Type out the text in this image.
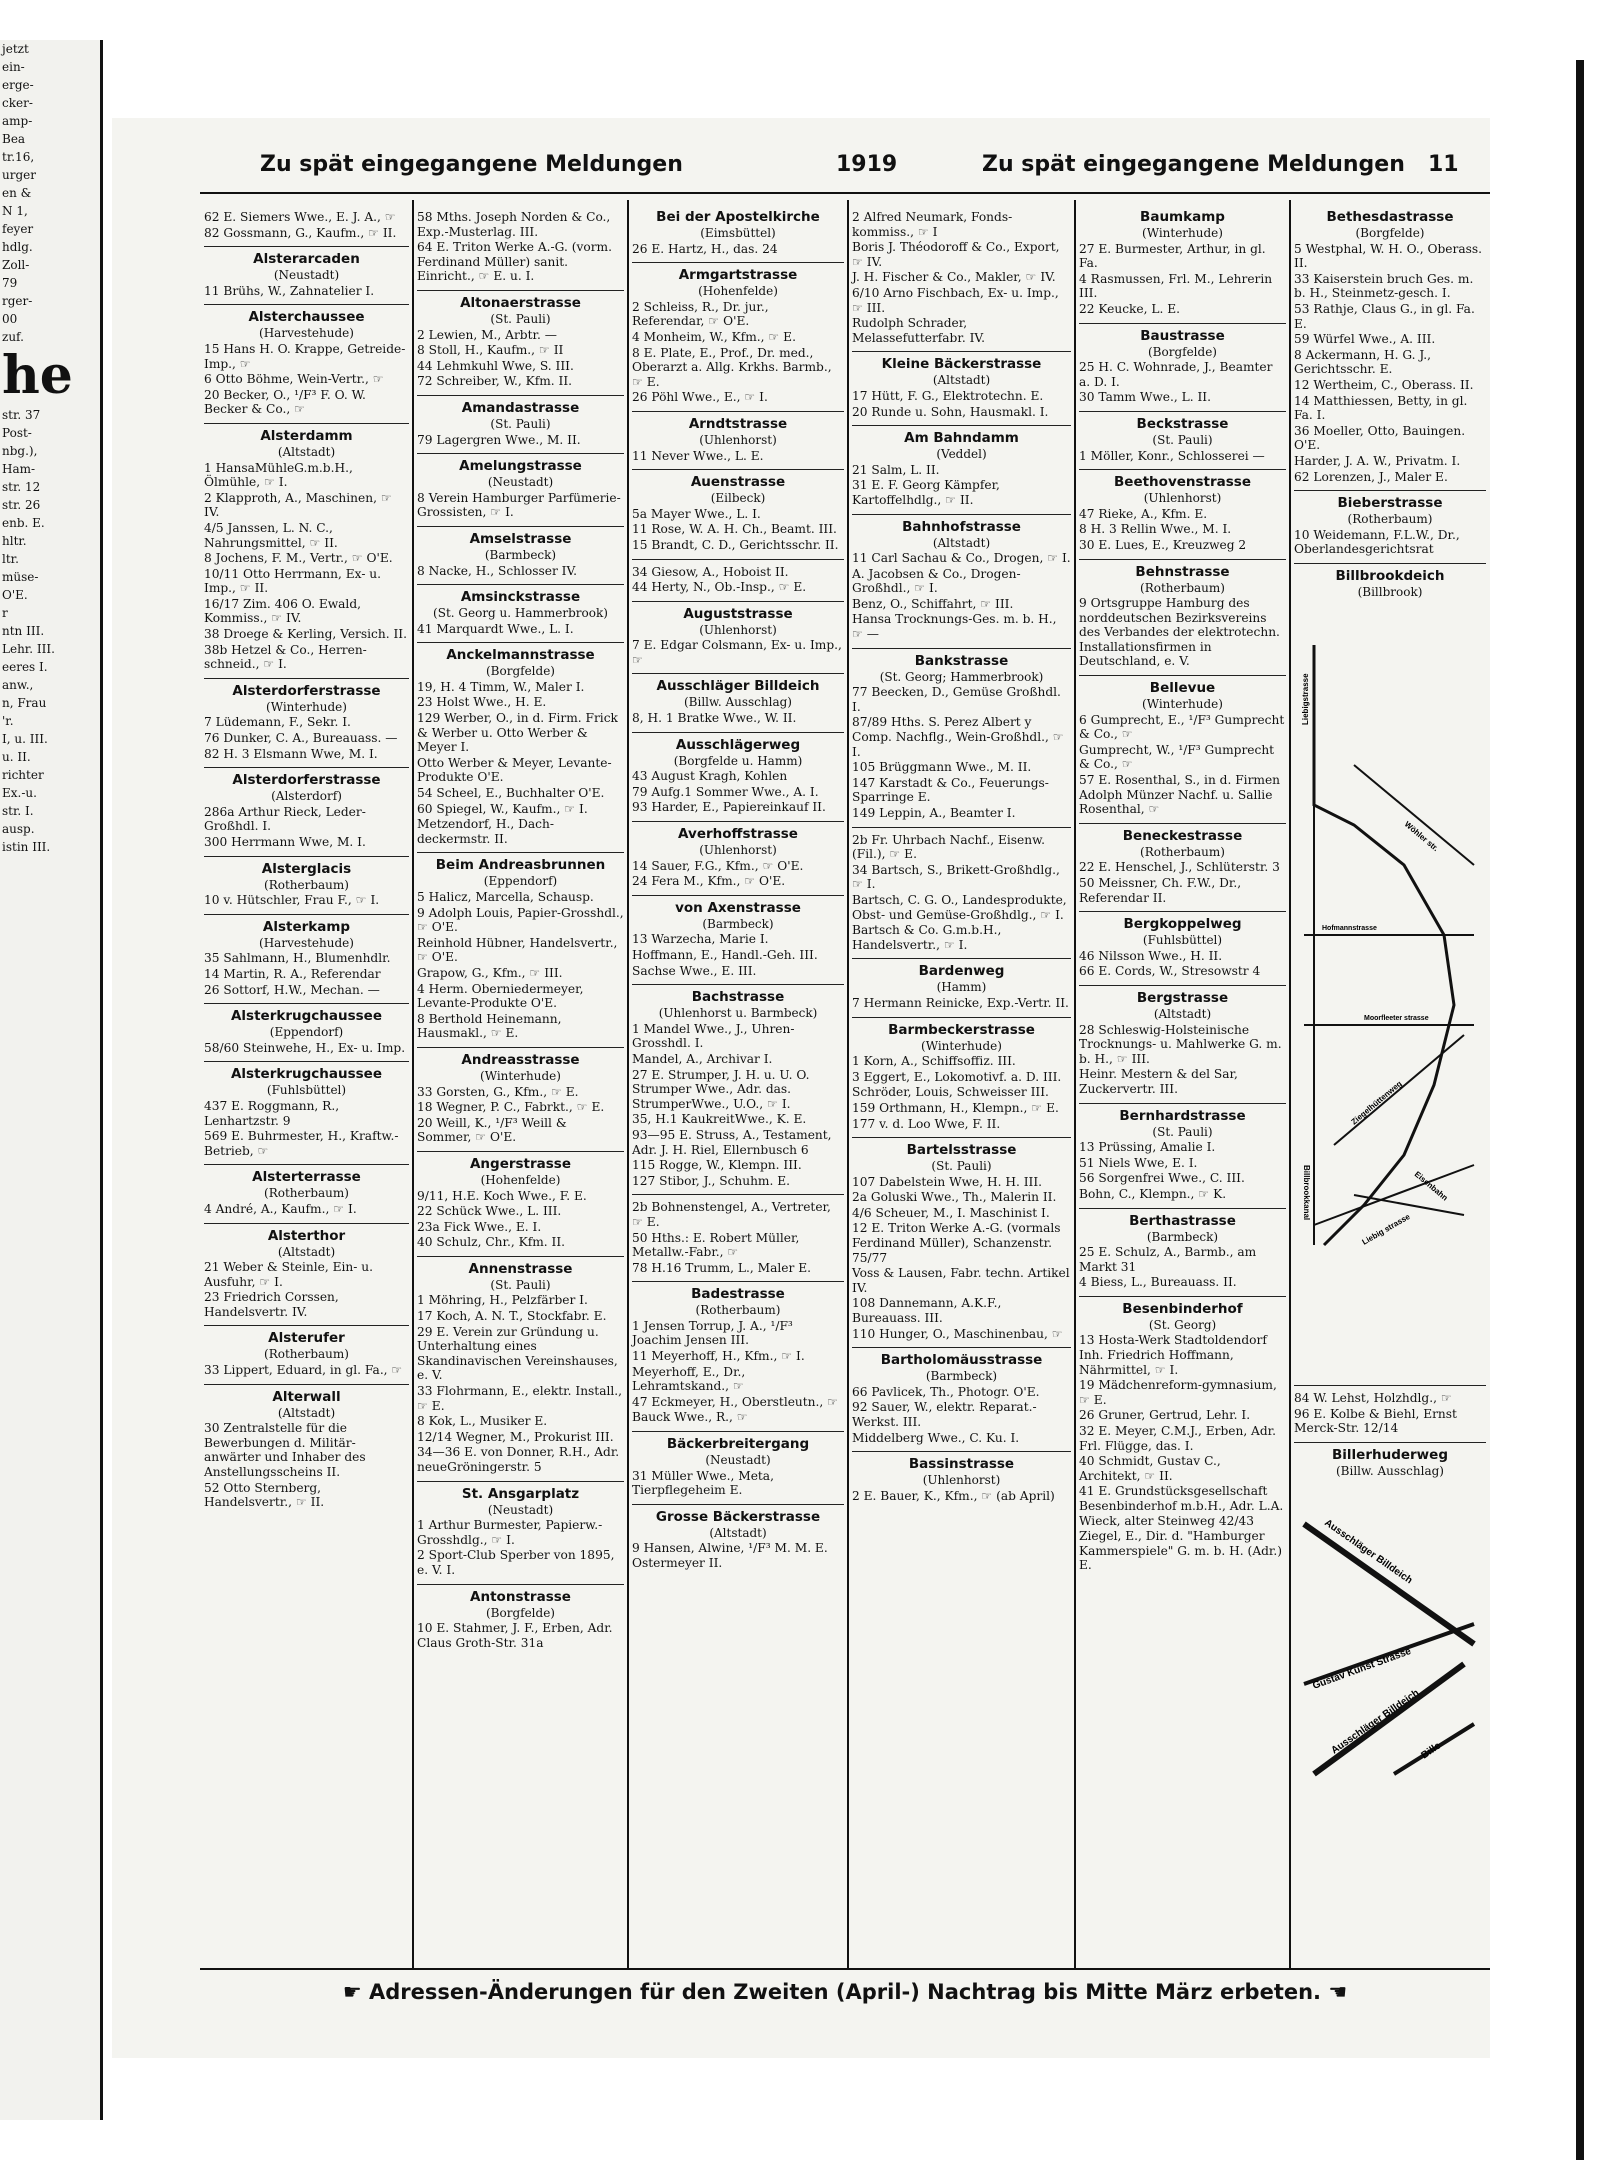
jetzt
ein-
erge-
cker-
amp-
Bea
tr.16,
urger
en &
N 1,
feyer
hdlg.
Zoll-
79
rger-
00
zuf.
he
str. 37
Post-
nbg.),
Ham-
str. 12
str. 26
enb. E.
hltr.
ltr.
müse-
O'E.
r
ntn III.
Lehr. III.
eeres I.
anw.,
n, Frau
'r.
I, u. III.
u. II.
richter
Ex.-u.
str. I.
ausp.
istin III.
Zu spät eingegangene Meldungen	1919	Zu spät eingegangene Meldungen 11
62 E. Siemers Wwe., E. J. A., ☞
82 Gossmann, G., Kaufm., ☞ II.
Alsterarcaden
(Neustadt)
11 Brühs, W., Zahnatelier I.
Alsterchaussee
(Harvestehude)
15 Hans H. O. Krappe, Getreide-Imp., ☞
6 Otto Böhme, Wein-Vertr., ☞
20 Becker, O., ¹/F³ F. O. W. Becker & Co., ☞
Alsterdamm
(Altstadt)
1 HansaMühleG.m.b.H., Ölmühle, ☞ I.
2 Klapproth, A., Maschinen, ☞ IV.
4/5 Janssen, L. N. C., Nahrungsmittel, ☞ II.
8 Jochens, F. M., Vertr., ☞ O'E.
10/11 Otto Herrmann, Ex- u. Imp., ☞ II.
16/17 Zim. 406 O. Ewald, Kommiss., ☞ IV.
38 Droege & Kerling, Versich. II.
38b Hetzel & Co., Herren-schneid., ☞ I.
Alsterdorferstrasse
(Winterhude)
7 Lüdemann, F., Sekr. I.
76 Dunker, C. A., Bureauass. —
82 H. 3 Elsmann Wwe, M. I.
Alsterdorferstrasse
(Alsterdorf)
286a Arthur Rieck, Leder-Großhdl. I.
300 Herrmann Wwe, M. I.
Alsterglacis
(Rotherbaum)
10 v. Hütschler, Frau F., ☞ I.
Alsterkamp
(Harvestehude)
35 Sahlmann, H., Blumenhdlr.
14 Martin, R. A., Referendar
26 Sottorf, H.W., Mechan. —
Alsterkrugchaussee
(Eppendorf)
58/60 Steinwehe, H., Ex- u. Imp.
Alsterkrugchaussee
(Fuhlsbüttel)
437 E. Roggmann, R., Lenhartzstr. 9
569 E. Buhrmester, H., Kraftw.-Betrieb, ☞
Alsterterrasse
(Rotherbaum)
4 André, A., Kaufm., ☞ I.
Alsterthor
(Altstadt)
21 Weber & Steinle, Ein- u. Ausfuhr, ☞ I.
23 Friedrich Corssen, Handelsvertr. IV.
Alsterufer
(Rotherbaum)
33 Lippert, Eduard, in gl. Fa., ☞
Alterwall
(Altstadt)
30 Zentralstelle für die Bewerbungen d. Militär-anwärter und Inhaber des Anstellungsscheins II.
52 Otto Sternberg, Handelsvertr., ☞ II.
58 Mths. Joseph Norden & Co., Exp.-Musterlag. III.
64 E. Triton Werke A.-G. (vorm. Ferdinand Müller) sanit. Einricht., ☞ E. u. I.
Altonaerstrasse
(St. Pauli)
2 Lewien, M., Arbtr. —
8 Stoll, H., Kaufm., ☞ II
44 Lehmkuhl Wwe, S. III.
72 Schreiber, W., Kfm. II.
Amandastrasse
(St. Pauli)
79 Lagergren Wwe., M. II.
Amelungstrasse
(Neustadt)
8 Verein Hamburger Parfümerie-Grossisten, ☞ I.
Amselstrasse
(Barmbeck)
8 Nacke, H., Schlosser IV.
Amsinckstrasse
(St. Georg u. Hammerbrook)
41 Marquardt Wwe., L. I.
Anckelmannstrasse
(Borgfelde)
19, H. 4 Timm, W., Maler I.
23 Holst Wwe., H. E.
129 Werber, O., in d. Firm. Frick & Werber u. Otto Werber & Meyer I.
Otto Werber & Meyer, Levante-Produkte O'E.
54 Scheel, E., Buchhalter O'E.
60 Spiegel, W., Kaufm., ☞ I.
Metzendorf, H., Dach-deckermstr. II.
Beim Andreasbrunnen
(Eppendorf)
5 Halicz, Marcella, Schausp.
9 Adolph Louis, Papier-Grosshdl., ☞ O'E.
Reinhold Hübner, Handelsvertr., ☞ O'E.
Grapow, G., Kfm., ☞ III.
4 Herm. Oberniedermeyer, Levante-Produkte O'E.
8 Berthold Heinemann, Hausmakl., ☞ E.
Andreasstrasse
(Winterhude)
33 Gorsten, G., Kfm., ☞ E.
18 Wegner, P. C., Fabrkt., ☞ E.
20 Weill, K., ¹/F³ Weill & Sommer, ☞ O'E.
Angerstrasse
(Hohenfelde)
9/11, H.E. Koch Wwe., F. E.
22 Schück Wwe., L. III.
23a Fick Wwe., E. I.
40 Schulz, Chr., Kfm. II.
Annenstrasse
(St. Pauli)
1 Möhring, H., Pelzfärber I.
17 Koch, A. N. T., Stockfabr. E.
29 E. Verein zur Gründung u. Unterhaltung eines Skandinavischen Vereinshauses, e. V.
33 Flohrmann, E., elektr. Install., ☞ E.
8 Kok, L., Musiker E.
12/14 Wegner, M., Prokurist III.
34—36 E. von Donner, R.H., Adr. neueGröningerstr. 5
St. Ansgarplatz
(Neustadt)
1 Arthur Burmester, Papierw.-Grosshdlg., ☞ I.
2 Sport-Club Sperber von 1895, e. V. I.
Antonstrasse
(Borgfelde)
10 E. Stahmer, J. F., Erben, Adr. Claus Groth-Str. 31a
Bei der Apostelkirche
(Eimsbüttel)
26 E. Hartz, H., das. 24
Armgartstrasse
(Hohenfelde)
2 Schleiss, R., Dr. jur., Referendar, ☞ O'E.
4 Monheim, W., Kfm., ☞ E.
8 E. Plate, E., Prof., Dr. med., Oberarzt a. Allg. Krkhs. Barmb., ☞ E.
26 Pöhl Wwe., E., ☞ I.
Arndtstrasse
(Uhlenhorst)
11 Never Wwe., L. E.
Auenstrasse
(Eilbeck)
5a Mayer Wwe., L. I.
11 Rose, W. A. H. Ch., Beamt. III.
15 Brandt, C. D., Gerichtsschr. II.
34 Giesow, A., Hoboist II.
44 Herty, N., Ob.-Insp., ☞ E.
Auguststrasse
(Uhlenhorst)
7 E. Edgar Colsmann, Ex- u. Imp., ☞
Ausschläger Billdeich
(Billw. Ausschlag)
8, H. 1 Bratke Wwe., W. II.
Ausschlägerweg
(Borgfelde u. Hamm)
43 August Kragh, Kohlen
79 Aufg.1 Sommer Wwe., A. I.
93 Harder, E., Papiereinkauf II.
Averhoffstrasse
(Uhlenhorst)
14 Sauer, F.G., Kfm., ☞ O'E.
24 Fera M., Kfm., ☞ O'E.
von Axenstrasse
(Barmbeck)
13 Warzecha, Marie I.
Hoffmann, E., Handl.-Geh. III.
Sachse Wwe., E. III.
Bachstrasse
(Uhlenhorst u. Barmbeck)
1 Mandel Wwe., J., Uhren-Grosshdl. I.
Mandel, A., Archivar I.
27 E. Strumper, J. H. u. U. O. Strumper Wwe., Adr. das. StrumperWwe., U.O., ☞ I.
35, H.1 KaukreitWwe., K. E.
93—95 E. Struss, A., Testament, Adr. J. H. Riel, Ellernbusch 6
115 Rogge, W., Klempn. III.
127 Stibor, J., Schuhm. E.
2b Bohnenstengel, A., Vertreter, ☞ E.
50 Hths.: E. Robert Müller, Metallw.-Fabr., ☞
78 H.16 Trumm, L., Maler E.
Badestrasse
(Rotherbaum)
1 Jensen Torrup, J. A., ¹/F³ Joachim Jensen III.
11 Meyerhoff, H., Kfm., ☞ I.
Meyerhoff, E., Dr., Lehramtskand., ☞
47 Eckmeyer, H., Oberstleutn., ☞
Bauck Wwe., R., ☞
Bäckerbreitergang
(Neustadt)
31 Müller Wwe., Meta, Tierpflegeheim E.
Grosse Bäckerstrasse
(Altstadt)
9 Hansen, Alwine, ¹/F³ M. M. E. Ostermeyer II.
2 Alfred Neumark, Fonds-kommiss., ☞ I
Boris J. Théodoroff & Co., Export, ☞ IV.
J. H. Fischer & Co., Makler, ☞ IV.
6/10 Arno Fischbach, Ex- u. Imp., ☞ III.
Rudolph Schrader, Melassefutterfabr. IV.
Kleine Bäckerstrasse
(Altstadt)
17 Hütt, F. G., Elektrotechn. E.
20 Runde u. Sohn, Hausmakl. I.
Am Bahndamm
(Veddel)
21 Salm, L. II.
31 E. F. Georg Kämpfer, Kartoffelhdlg., ☞ II.
Bahnhofstrasse
(Altstadt)
11 Carl Sachau & Co., Drogen, ☞ I.
A. Jacobsen & Co., Drogen-Großhdl., ☞ I.
Benz, O., Schiffahrt, ☞ III.
Hansa Trocknungs-Ges. m. b. H., ☞ —
Bankstrasse
(St. Georg; Hammerbrook)
77 Beecken, D., Gemüse Großhdl. I.
87/89 Hths. S. Perez Albert y Comp. Nachflg., Wein-Großhdl., ☞ I.
105 Brüggmann Wwe., M. II.
147 Karstadt & Co., Feuerungs-Sparringe E.
149 Leppin, A., Beamter I.
2b Fr. Uhrbach Nachf., Eisenw. (Fil.), ☞ E.
34 Bartsch, S., Brikett-Großhdlg., ☞ I.
Bartsch, C. G. O., Landesprodukte, Obst- und Gemüse-Großhdlg., ☞ I.
Bartsch & Co. G.m.b.H., Handelsvertr., ☞ I.
Bardenweg
(Hamm)
7 Hermann Reinicke, Exp.-Vertr. II.
Barmbeckerstrasse
(Winterhude)
1 Korn, A., Schiffsoffiz. III.
3 Eggert, E., Lokomotivf. a. D. III.
Schröder, Louis, Schweisser III.
159 Orthmann, H., Klempn., ☞ E.
177 v. d. Loo Wwe, F. II.
Bartelsstrasse
(St. Pauli)
107 Dabelstein Wwe, H. H. III.
2a Goluski Wwe., Th., Malerin II.
4/6 Scheuer, M., I. Maschinist I.
12 E. Triton Werke A.-G. (vormals Ferdinand Müller), Schanzenstr. 75/77
Voss & Lausen, Fabr. techn. Artikel IV.
108 Dannemann, A.K.F., Bureauass. III.
110 Hunger, O., Maschinenbau, ☞
Bartholomäusstrasse
(Barmbeck)
66 Pavlicek, Th., Photogr. O'E.
92 Sauer, W., elektr. Reparat.-Werkst. III.
Middelberg Wwe., C. Ku. I.
Bassinstrasse
(Uhlenhorst)
2 E. Bauer, K., Kfm., ☞ (ab April)
Baumkamp
(Winterhude)
27 E. Burmester, Arthur, in gl. Fa.
4 Rasmussen, Frl. M., Lehrerin III.
22 Keucke, L. E.
Baustrasse
(Borgfelde)
25 H. C. Wohnrade, J., Beamter a. D. I.
30 Tamm Wwe., L. II.
Beckstrasse
(St. Pauli)
1 Möller, Konr., Schlosserei —
Beethovenstrasse
(Uhlenhorst)
47 Rieke, A., Kfm. E.
8 H. 3 Rellin Wwe., M. I.
30 E. Lues, E., Kreuzweg 2
Behnstrasse
(Rotherbaum)
9 Ortsgruppe Hamburg des norddeutschen Bezirksvereins des Verbandes der elektrotechn. Installationsfirmen in Deutschland, e. V.
Bellevue
(Winterhude)
6 Gumprecht, E., ¹/F³ Gumprecht & Co., ☞
Gumprecht, W., ¹/F³ Gumprecht & Co., ☞
57 E. Rosenthal, S., in d. Firmen Adolph Münzer Nachf. u. Sallie Rosenthal, ☞
Beneckestrasse
(Rotherbaum)
22 E. Henschel, J., Schlüterstr. 3
50 Meissner, Ch. F.W., Dr., Referendar II.
Bergkoppelweg
(Fuhlsbüttel)
46 Nilsson Wwe., H. II.
66 E. Cords, W., Stresowstr 4
Bergstrasse
(Altstadt)
28 Schleswig-Holsteinische Trocknungs- u. Mahlwerke G. m. b. H., ☞ III.
Heinr. Mestern & del Sar, Zuckervertr. III.
Bernhardstrasse
(St. Pauli)
13 Prüssing, Amalie I.
51 Niels Wwe, E. I.
56 Sorgenfrei Wwe., C. III.
Bohn, C., Klempn., ☞ K.
Berthastrasse
(Barmbeck)
25 E. Schulz, A., Barmb., am Markt 31
4 Biess, L., Bureauass. II.
Besenbinderhof
(St. Georg)
13 Hosta-Werk Stadtoldendorf Inh. Friedrich Hoffmann, Nährmittel, ☞ I.
19 Mädchenreform-gymnasium, ☞ E.
26 Gruner, Gertrud, Lehr. I.
32 E. Meyer, C.M.J., Erben, Adr. Frl. Flügge, das. I.
40 Schmidt, Gustav C., Architekt, ☞ II.
41 E. Grundstücksgesellschaft Besenbinderhof m.b.H., Adr. L.A. Wieck, alter Steinweg 42/43
Ziegel, E., Dir. d. "Hamburger Kammerspiele" G. m. b. H. (Adr.) E.
Bethesdastrasse
(Borgfelde)
5 Westphal, W. H. O., Oberass. II.
33 Kaiserstein bruch Ges. m. b. H., Steinmetz-gesch. I.
53 Rathje, Claus G., in gl. Fa. E.
59 Würfel Wwe., A. III.
8 Ackermann, H. G. J., Gerichtsschr. E.
12 Wertheim, C., Oberass. II.
14 Matthiessen, Betty, in gl. Fa. I.
36 Moeller, Otto, Bauingen. O'E.
Harder, J. A. W., Privatm. I.
62 Lorenzen, J., Maler E.
Bieberstrasse
(Rotherbaum)
10 Weidemann, F.L.W., Dr., Oberlandesgerichtsrat
Billbrookdeich
(Billbrook)
Liebigstrasse
Wöhler str.
Hofmannstrasse
Moorfleeter strasse
Ziegelhüttenweg
Eisenbahn
Liebig strasse
Billbrookkanal
84 W. Lehst, Holzhdlg., ☞
96 E. Kolbe & Biehl, Ernst Merck-Str. 12/14
Billerhuderweg
(Billw. Ausschlag)
Ausschläger Billdeich
Gustav Kunst Strasse
Ausschläger Billdeich
Bille
☛ Adressen-Änderungen für den Zweiten (April-) Nachtrag bis Mitte März erbeten. ☚
